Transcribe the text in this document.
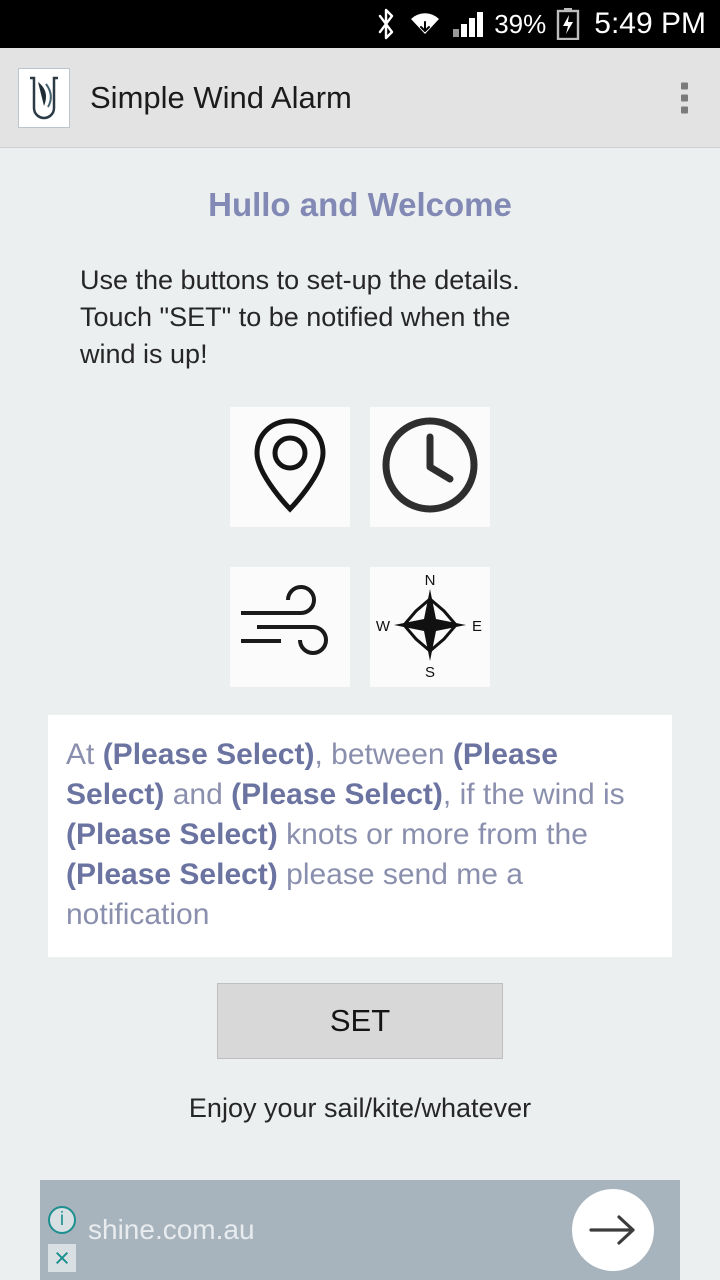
39% 5:49 PM
Simple Wind Alarm
Hullo and Welcome
Use the buttons to set-up the details.
Touch "SET" to be notified when the
wind is up!
N
S
W	E

At (Please Select), between (Please Select) and (Please Select), if the wind is (Please Select) knots or more from the (Please Select) please send me a notification

SET
Enjoy your sail/kite/whatever
i
×
shine.com.au
